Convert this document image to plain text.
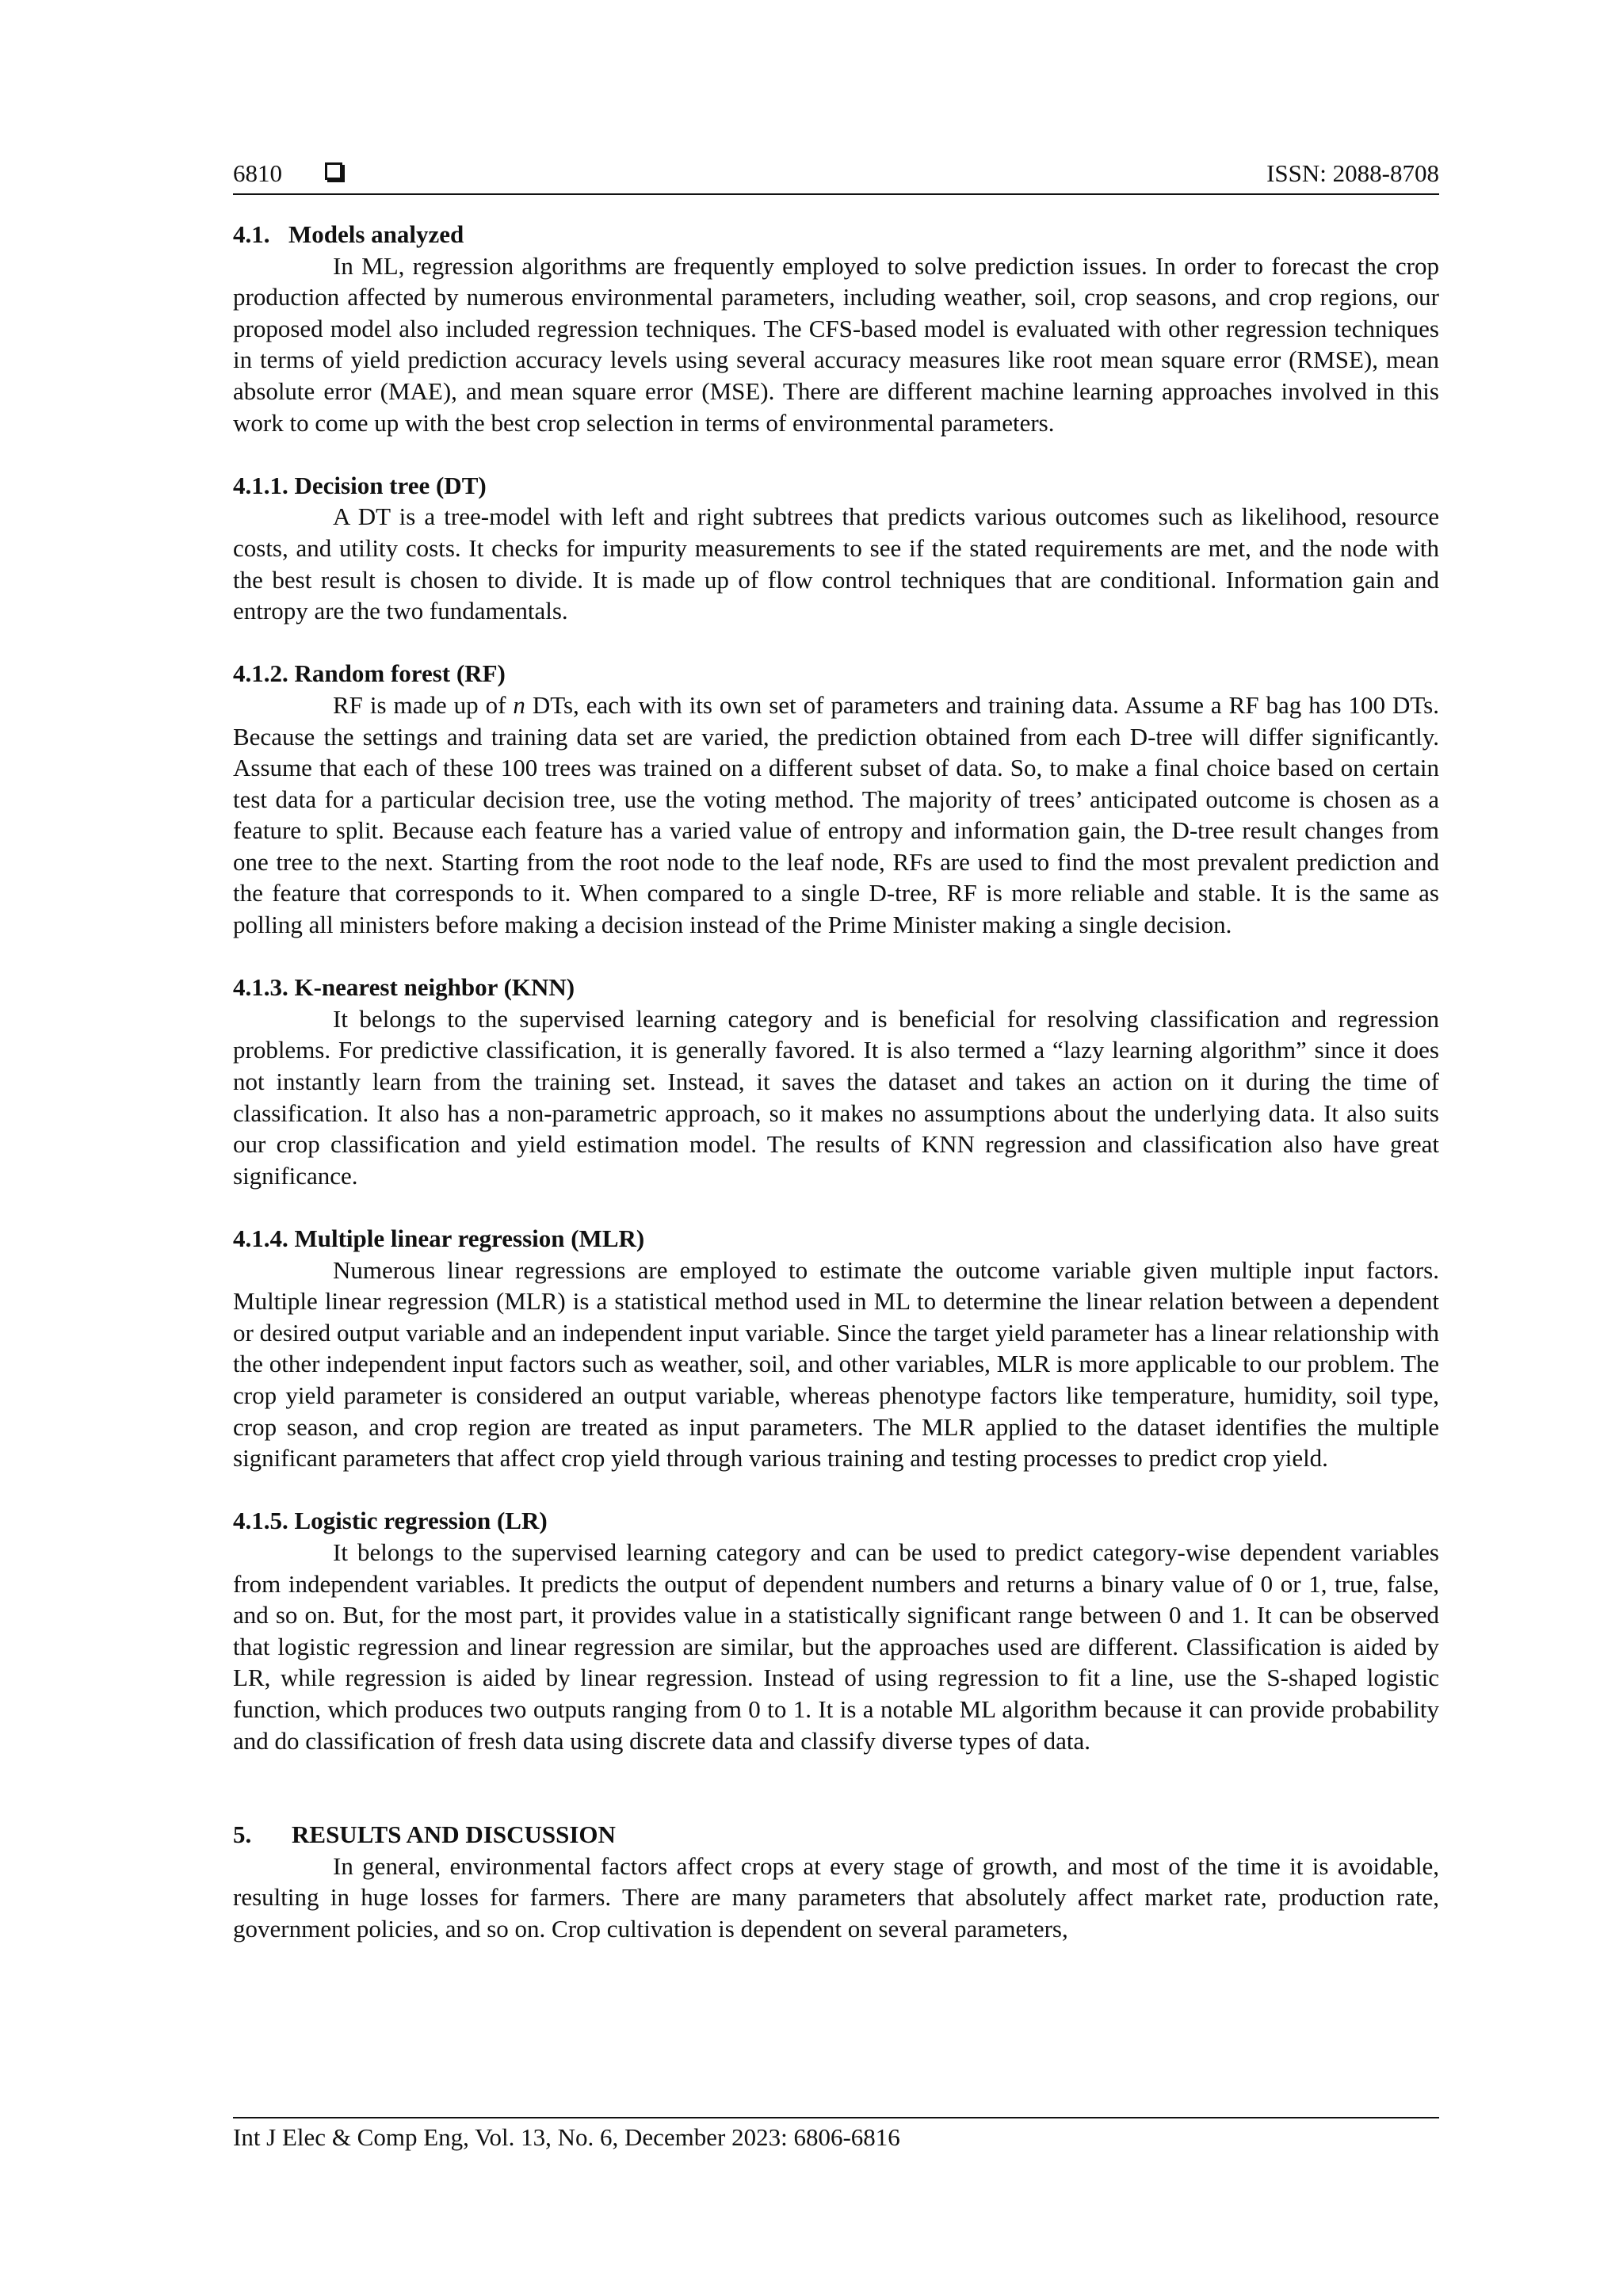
6810	ISSN: 2088-8708
4.1. Models analyzed

In ML, regression algorithms are frequently employed to solve prediction issues. In order to forecast the crop production affected by numerous environmental parameters, including weather, soil, crop seasons, and crop regions, our proposed model also included regression techniques. The CFS-based model is evaluated with other regression techniques in terms of yield prediction accuracy levels using several accuracy measures like root mean square error (RMSE), mean absolute error (MAE), and mean square error (MSE). There are different machine learning approaches involved in this work to come up with the best crop selection in terms of environmental parameters.

4.1.1. Decision tree (DT)

A DT is a tree-model with left and right subtrees that predicts various outcomes such as likelihood, resource costs, and utility costs. It checks for impurity measurements to see if the stated requirements are met, and the node with the best result is chosen to divide. It is made up of flow control techniques that are conditional. Information gain and entropy are the two fundamentals.

4.1.2. Random forest (RF)

RF is made up of n DTs, each with its own set of parameters and training data. Assume a RF bag has 100 DTs. Because the settings and training data set are varied, the prediction obtained from each D-tree will differ significantly. Assume that each of these 100 trees was trained on a different subset of data. So, to make a final choice based on certain test data for a particular decision tree, use the voting method. The majority of trees’ anticipated outcome is chosen as a feature to split. Because each feature has a varied value of entropy and information gain, the D-tree result changes from one tree to the next. Starting from the root node to the leaf node, RFs are used to find the most prevalent prediction and the feature that corresponds to it. When compared to a single D-tree, RF is more reliable and stable. It is the same as polling all ministers before making a decision instead of the Prime Minister making a single decision.

4.1.3. K-nearest neighbor (KNN)

It belongs to the supervised learning category and is beneficial for resolving classification and regression problems. For predictive classification, it is generally favored. It is also termed a “lazy learning algorithm” since it does not instantly learn from the training set. Instead, it saves the dataset and takes an action on it during the time of classification. It also has a non-parametric approach, so it makes no assumptions about the underlying data. It also suits our crop classification and yield estimation model. The results of KNN regression and classification also have great significance.

4.1.4. Multiple linear regression (MLR)

Numerous linear regressions are employed to estimate the outcome variable given multiple input factors. Multiple linear regression (MLR) is a statistical method used in ML to determine the linear relation between a dependent or desired output variable and an independent input variable. Since the target yield parameter has a linear relationship with the other independent input factors such as weather, soil, and other variables, MLR is more applicable to our problem. The crop yield parameter is considered an output variable, whereas phenotype factors like temperature, humidity, soil type, crop season, and crop region are treated as input parameters. The MLR applied to the dataset identifies the multiple significant parameters that affect crop yield through various training and testing processes to predict crop yield.

4.1.5. Logistic regression (LR)

It belongs to the supervised learning category and can be used to predict category-wise dependent variables from independent variables. It predicts the output of dependent numbers and returns a binary value of 0 or 1, true, false, and so on. But, for the most part, it provides value in a statistically significant range between 0 and 1. It can be observed that logistic regression and linear regression are similar, but the approaches used are different. Classification is aided by LR, while regression is aided by linear regression. Instead of using regression to fit a line, use the S-shaped logistic function, which produces two outputs ranging from 0 to 1. It is a notable ML algorithm because it can provide probability and do classification of fresh data using discrete data and classify diverse types of data.

5. RESULTS AND DISCUSSION

In general, environmental factors affect crops at every stage of growth, and most of the time it is avoidable, resulting in huge losses for farmers. There are many parameters that absolutely affect market rate, production rate, government policies, and so on. Crop cultivation is dependent on several parameters,

Int J Elec & Comp Eng, Vol. 13, No. 6, December 2023: 6806-6816
